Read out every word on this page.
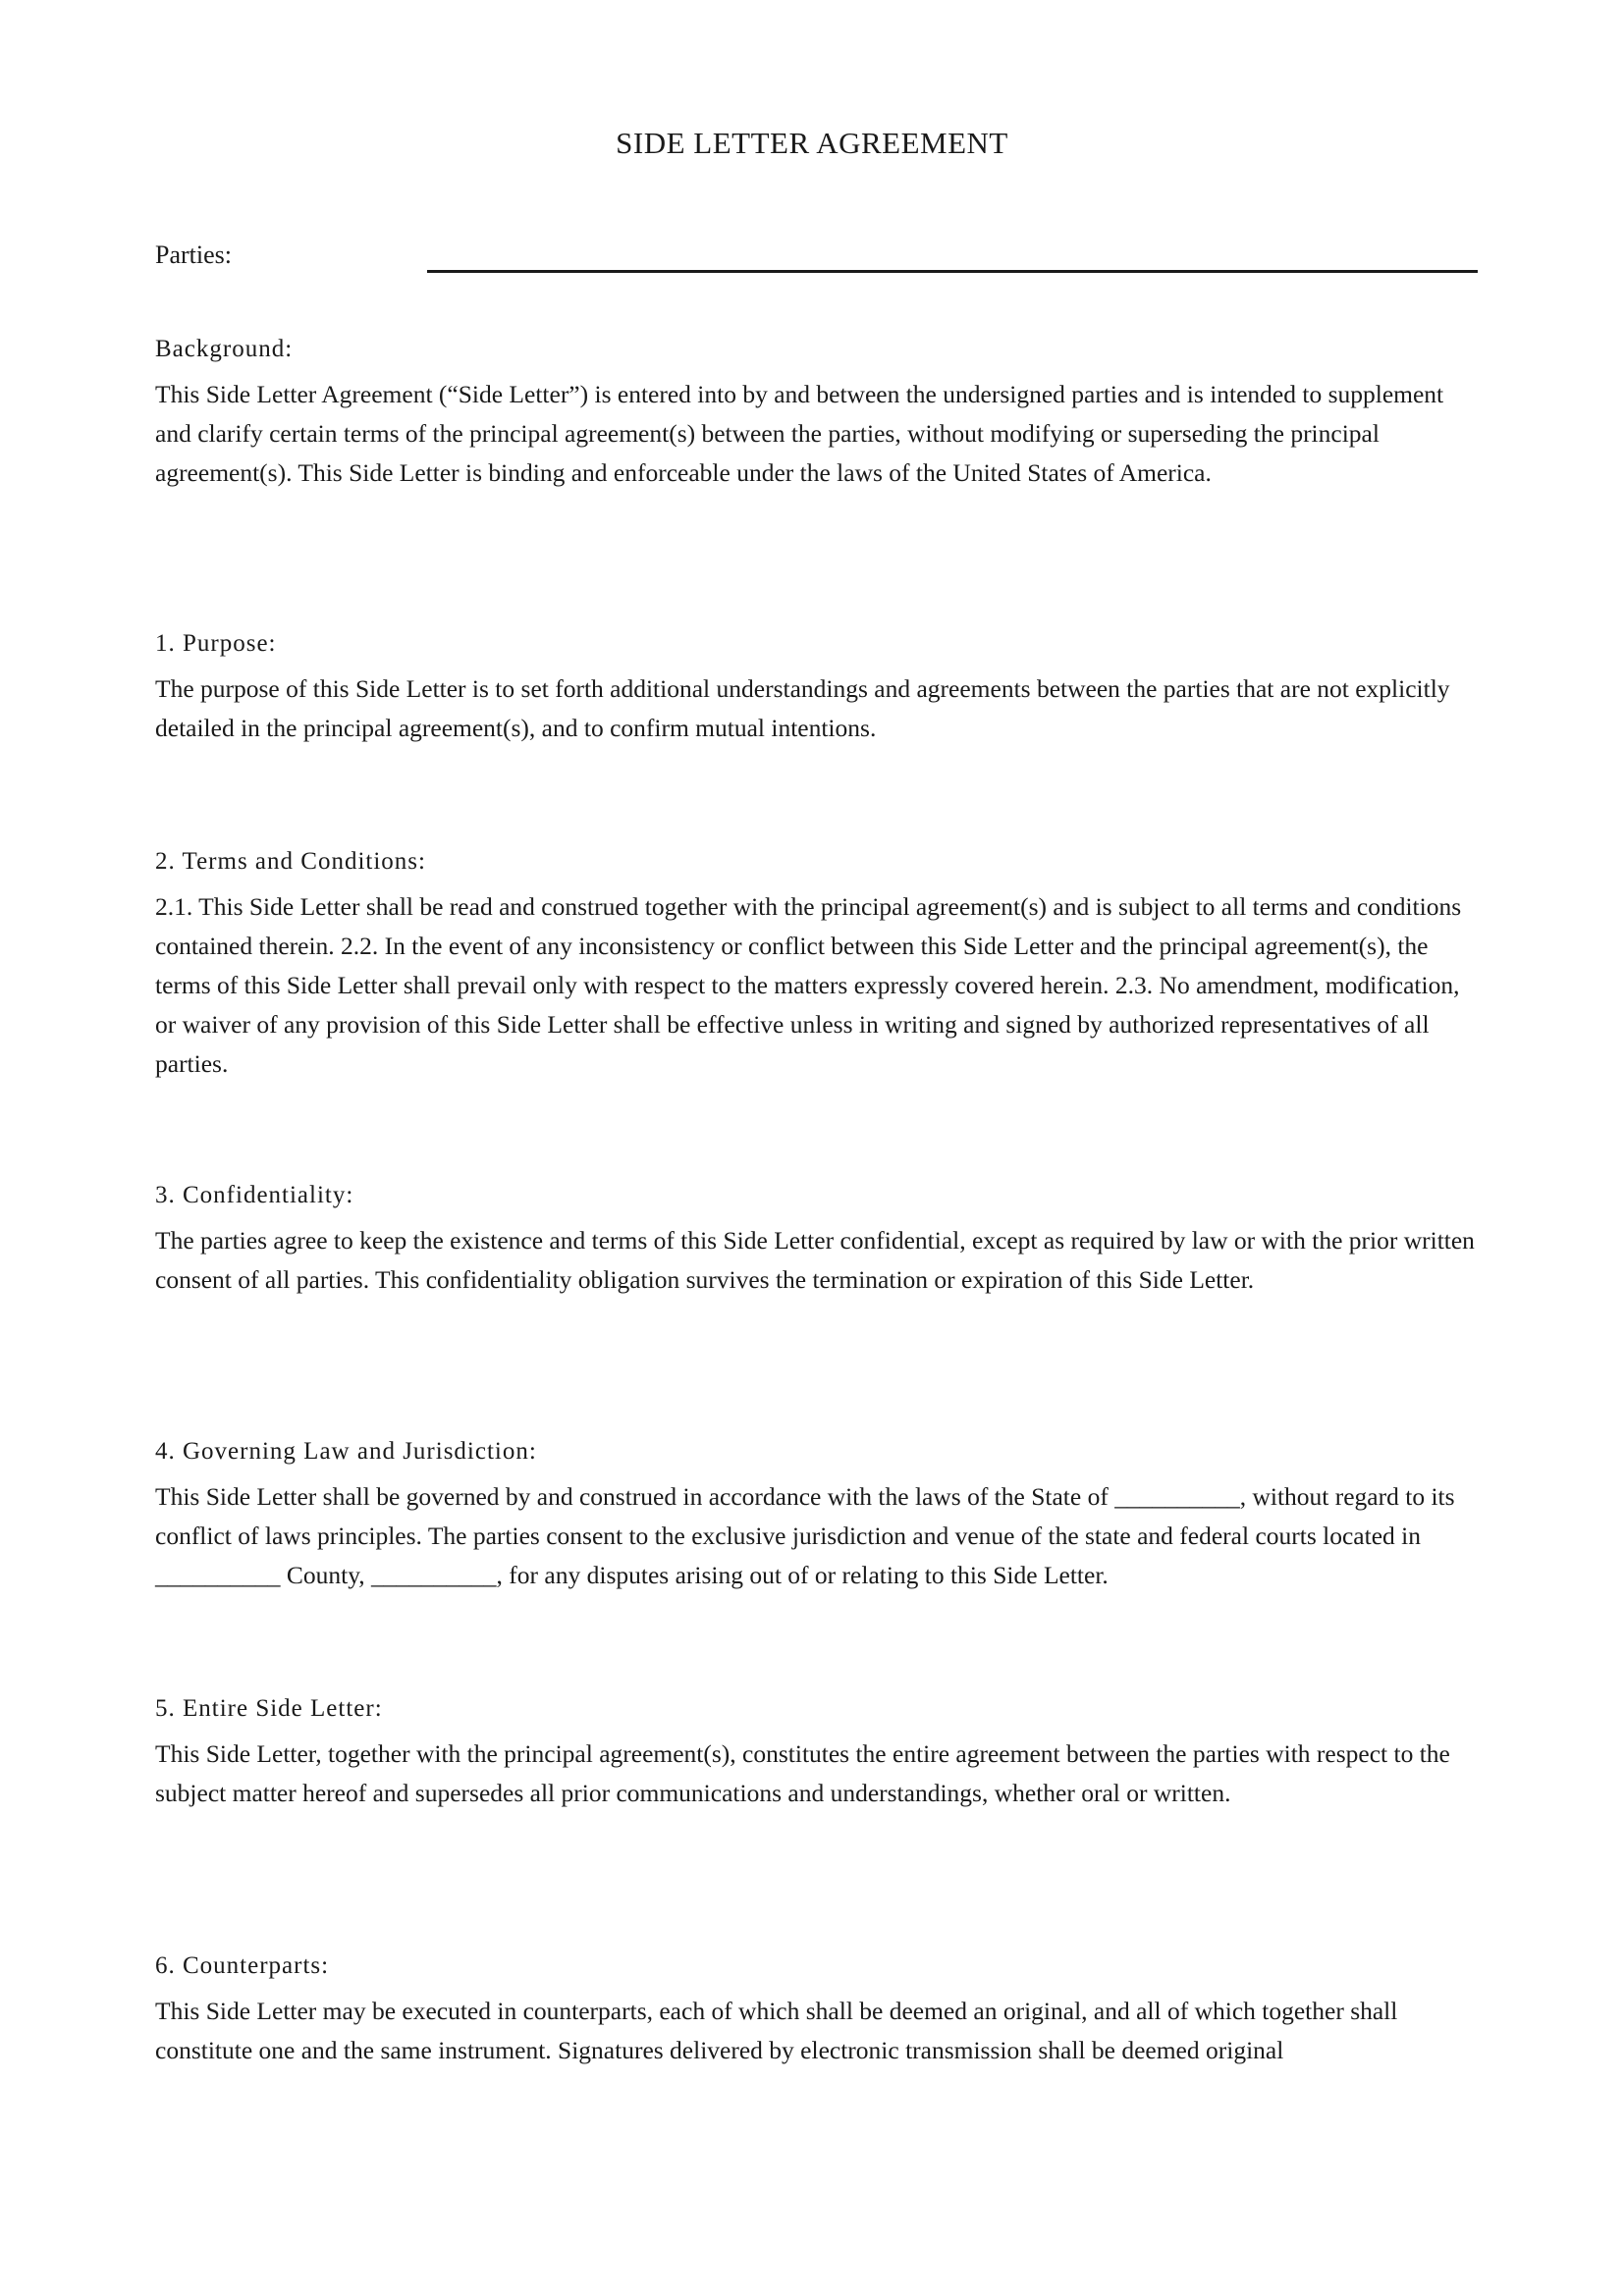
SIDE LETTER AGREEMENT
Parties:
Background:

This Side Letter Agreement (“Side Letter”) is entered into by and between the undersigned parties and is intended to supplement and clarify certain terms of the principal agreement(s) between the parties, without modifying or superseding the principal agreement(s). This Side Letter is binding and enforceable under the laws of the United States of America.

1. Purpose:

The purpose of this Side Letter is to set forth additional understandings and agreements between the parties that are not explicitly detailed in the principal agreement(s), and to confirm mutual intentions.

2. Terms and Conditions:

2.1. This Side Letter shall be read and construed together with the principal agreement(s) and is subject to all terms and conditions contained therein. 2.2. In the event of any inconsistency or conflict between this Side Letter and the principal agreement(s), the terms of this Side Letter shall prevail only with respect to the matters expressly covered herein. 2.3. No amendment, modification, or waiver of any provision of this Side Letter shall be effective unless in writing and signed by authorized representatives of all parties.

3. Confidentiality:

The parties agree to keep the existence and terms of this Side Letter confidential, except as required by law or with the prior written consent of all parties. This confidentiality obligation survives the termination or expiration of this Side Letter.

4. Governing Law and Jurisdiction:

This Side Letter shall be governed by and construed in accordance with the laws of the State of __________, without regard to its conflict of laws principles. The parties consent to the exclusive jurisdiction and venue of the state and federal courts located in __________ County, __________, for any disputes arising out of or relating to this Side Letter.

5. Entire Side Letter:

This Side Letter, together with the principal agreement(s), constitutes the entire agreement between the parties with respect to the subject matter hereof and supersedes all prior communications and understandings, whether oral or written.

6. Counterparts:

This Side Letter may be executed in counterparts, each of which shall be deemed an original, and all of which together shall constitute one and the same instrument. Signatures delivered by electronic transmission shall be deemed original
